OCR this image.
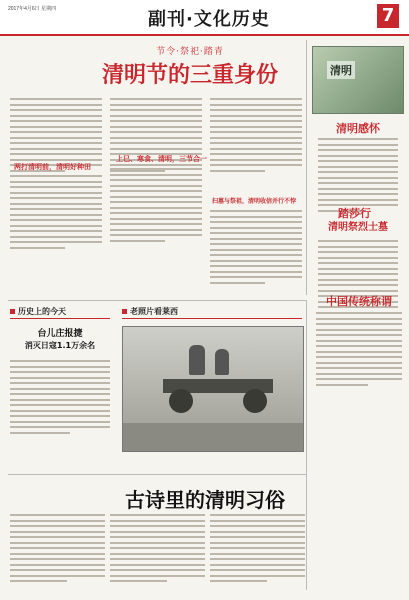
2017年4月6日 星期四	副刊·文化历史	7
节令·祭祀·踏青
清明节的三重身份
两打清明前，清明好种田
上巳、寒食、清明，三节合一
扫墓与祭祖，清明收信并行不悖
清明
清明感怀
踏莎行
清明祭烈士墓
历史上的今天
台儿庄报捷
消灭日寇1.1万余名
老照片看莱西
中国传统称谓
古诗里的清明习俗
